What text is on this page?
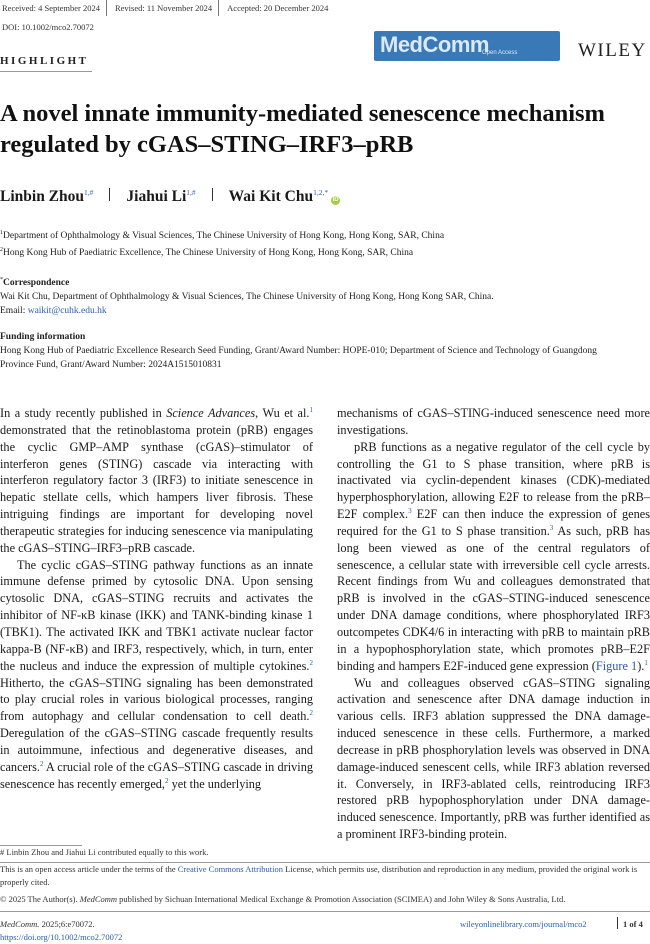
Received: 4 September 2024	Revised: 11 November 2024	Accepted: 20 December 2024
DOI: 10.1002/mco2.70072
MedComm
Open Access	WILEY
HIGHLIGHT
A novel innate immunity-mediated senescence mechanism regulated by cGAS–STING–IRF3–pRB
Linbin Zhou$^{1,\#}$ Jiahui $Li^{1,\#}$ Wai Kit Chu$^{1,2,*}$
iD
$^1$Department of Ophthalmology & Visual Sciences, The Chinese University of Hong Kong, Hong Kong, SAR, China
$^2$Hong Kong Hub of Paediatric Excellence, The Chinese University of Hong Kong, Hong Kong, SAR, China
*Correspondence
Wai Kit Chu, Department of Ophthalmology & Visual Sciences, The Chinese University of Hong Kong, Hong Kong SAR, China.
Email: waikit@cuhk.edu.hk
Funding information
Hong Kong Hub of Paediatric Excellence Research Seed Funding, Grant/Award Number: HOPE-010; Department of Science and Technology of Guangdong Province Fund, Grant/Award Number: 2024A1515010831

In a study recently published in Science Advances, Wu et al.$^1$ demonstrated that the retinoblastoma protein (pRB) engages the cyclic GMP–AMP synthase (cGAS)–stimulator of interferon genes (STING) cascade via interacting with interferon regulatory factor 3 (IRF3) to initiate senescence in hepatic stellate cells, which hampers liver fibrosis. These intriguing findings are important for developing novel therapeutic strategies for inducing senescence via manipulating the cGAS–STING–IRF3–pRB cascade.

The cyclic cGAS–STING pathway functions as an innate immune defense primed by cytosolic DNA. Upon sensing cytosolic DNA, cGAS–STING recruits and activates the inhibitor of NF-κB kinase (IKK) and TANK-binding kinase 1 (TBK1). The activated IKK and TBK1 activate nuclear factor kappa-B (NF-κB) and IRF3, respectively, which, in turn, enter the nucleus and induce the expression of multiple cytokines.$^2$ Hitherto, the cGAS–STING signaling has been demonstrated to play crucial roles in various biological processes, ranging from autophagy and cellular condensation to cell death.$^2$ Deregulation of the cGAS–STING cascade frequently results in autoimmune, infectious and degenerative diseases, and cancers.$^2$ A crucial role of the cGAS–STING cascade in driving senescence has recently emerged,$^2$ yet the underlying

mechanisms of cGAS–STING-induced senescence need more investigations.

pRB functions as a negative regulator of the cell cycle by controlling the G1 to S phase transition, where pRB is inactivated via cyclin-dependent kinases (CDK)-mediated hyperphosphorylation, allowing E2F to release from the pRB–E2F complex.$^3$ E2F can then induce the expression of genes required for the G1 to S phase transition.$^3$ As such, pRB has long been viewed as one of the central regulators of senescence, a cellular state with irreversible cell cycle arrests. Recent findings from Wu and colleagues demonstrated that pRB is involved in the cGAS–STING-induced senescence under DNA damage conditions, where phosphorylated IRF3 outcompetes CDK4/6 in interacting with pRB to maintain pRB in a hypophosphorylation state, which promotes pRB–E2F binding and hampers E2F-induced gene expression (Figure 1).$^1$

Wu and colleagues observed cGAS–STING signaling activation and senescence after DNA damage induction in various cells. IRF3 ablation suppressed the DNA damage-induced senescence in these cells. Furthermore, a marked decrease in pRB phosphorylation levels was observed in DNA damage-induced senescent cells, while IRF3 ablation reversed it. Conversely, in IRF3-ablated cells, reintroducing IRF3 restored pRB hypophosphorylation under DNA damage-induced senescence. Importantly, pRB was further identified as a prominent IRF3-binding protein.

# Linbin Zhou and Jiahui Li contributed equally to this work.
This is an open access article under the terms of the Creative Commons Attribution License, which permits use, distribution and reproduction in any medium, provided the original work is properly cited.
© 2025 The Author(s). MedComm published by Sichuan International Medical Exchange & Promotion Association (SCIMEA) and John Wiley & Sons Australia, Ltd.
MedComm. 2025;6:e70072.
https://doi.org/10.1002/mco2.70072
wileyonlinelibrary.com/journal/mco2	1 of 4
